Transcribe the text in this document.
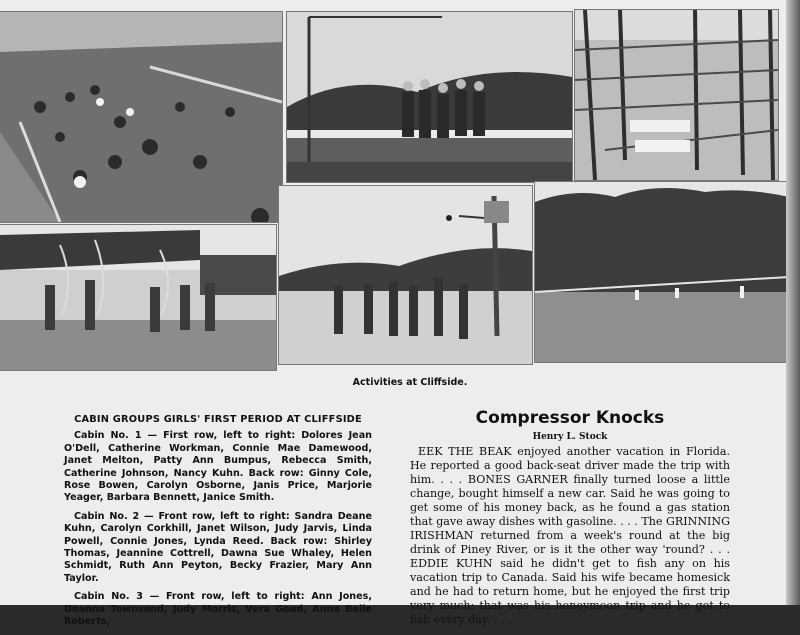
Activities at Cliffside.
CABIN GROUPS GIRLS' FIRST PERIOD AT CLIFFSIDE

Cabin No. 1 — First row, left to right: Dolores Jean O'Dell, Catherine Workman, Connie Mae Damewood, Janet Melton, Patty Ann Bumpus, Rebecca Smith, Catherine Johnson, Nancy Kuhn. Back row: Ginny Cole, Rose Bowen, Carolyn Osborne, Janis Price, Marjorie Yeager, Barbara Bennett, Janice Smith.

Cabin No. 2 — Front row, left to right: Sandra Deane Kuhn, Carolyn Corkhill, Janet Wilson, Judy Jarvis, Linda Powell, Connie Jones, Lynda Reed. Back row: Shirley Thomas, Jeannine Cottrell, Dawna Sue Whaley, Helen Schmidt, Ruth Ann Peyton, Becky Frazier, Mary Ann Taylor.

Cabin No. 3 — Front row, left to right: Ann Jones, Deanna Townsend, Judy Morris, Vera Goad, Anna Belle Roberts,

Compressor Knocks
Henry L. Stock

EEK THE BEAK enjoyed another vacation in Florida. He reported a good back-seat driver made the trip with him. . . . BONES GARNER finally turned loose a little change, bought himself a new car. Said he was going to get some of his money back, as he found a gas station that gave away dishes with gasoline. . . . The GRINNING IRISHMAN returned from a week's round at the big drink of Piney River, or is it the other way 'round? . . . EDDIE KUHN said he didn't get to fish any on his vacation trip to Canada. Said his wife became homesick and he had to return home, but he enjoyed the first trip very much; that was his honeymoon trip and he got to fish every day. . . .
